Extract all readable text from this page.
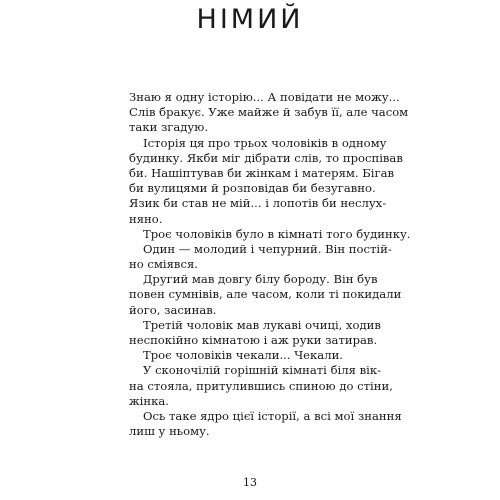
НІМИЙ
Знаю я одну історію... А повідати не можу...
Слів бракує. Уже майже й забув її, але часом
таки згадую.
Історія ця про трьох чоловіків в одному
будинку. Якби міг дібрати слів, то проспівав
би. Нашіптував би жінкам і матерям. Бігав
би вулицями й розповідав би безугавно.
Язик би став не мій... і лопотів би неслух-
няно.
Троє чоловіків було в кімнаті того будинку.
Один — молодий і чепурний. Він постій-
но сміявся.
Другий мав довгу білу бороду. Він був
повен сумнівів, але часом, коли ті покидали
його, засинав.
Третій чоловік мав лукаві очиці, ходив
неспокійно кімнатою і аж руки затирав.
Троє чоловіків чекали... Чекали.
У сконочілій горішній кімнаті біля вік-
на стояла, притулившись спиною до стіни,
жінка.
Ось таке ядро цієї історії, а всі мої знання
лиш у ньому.
13
